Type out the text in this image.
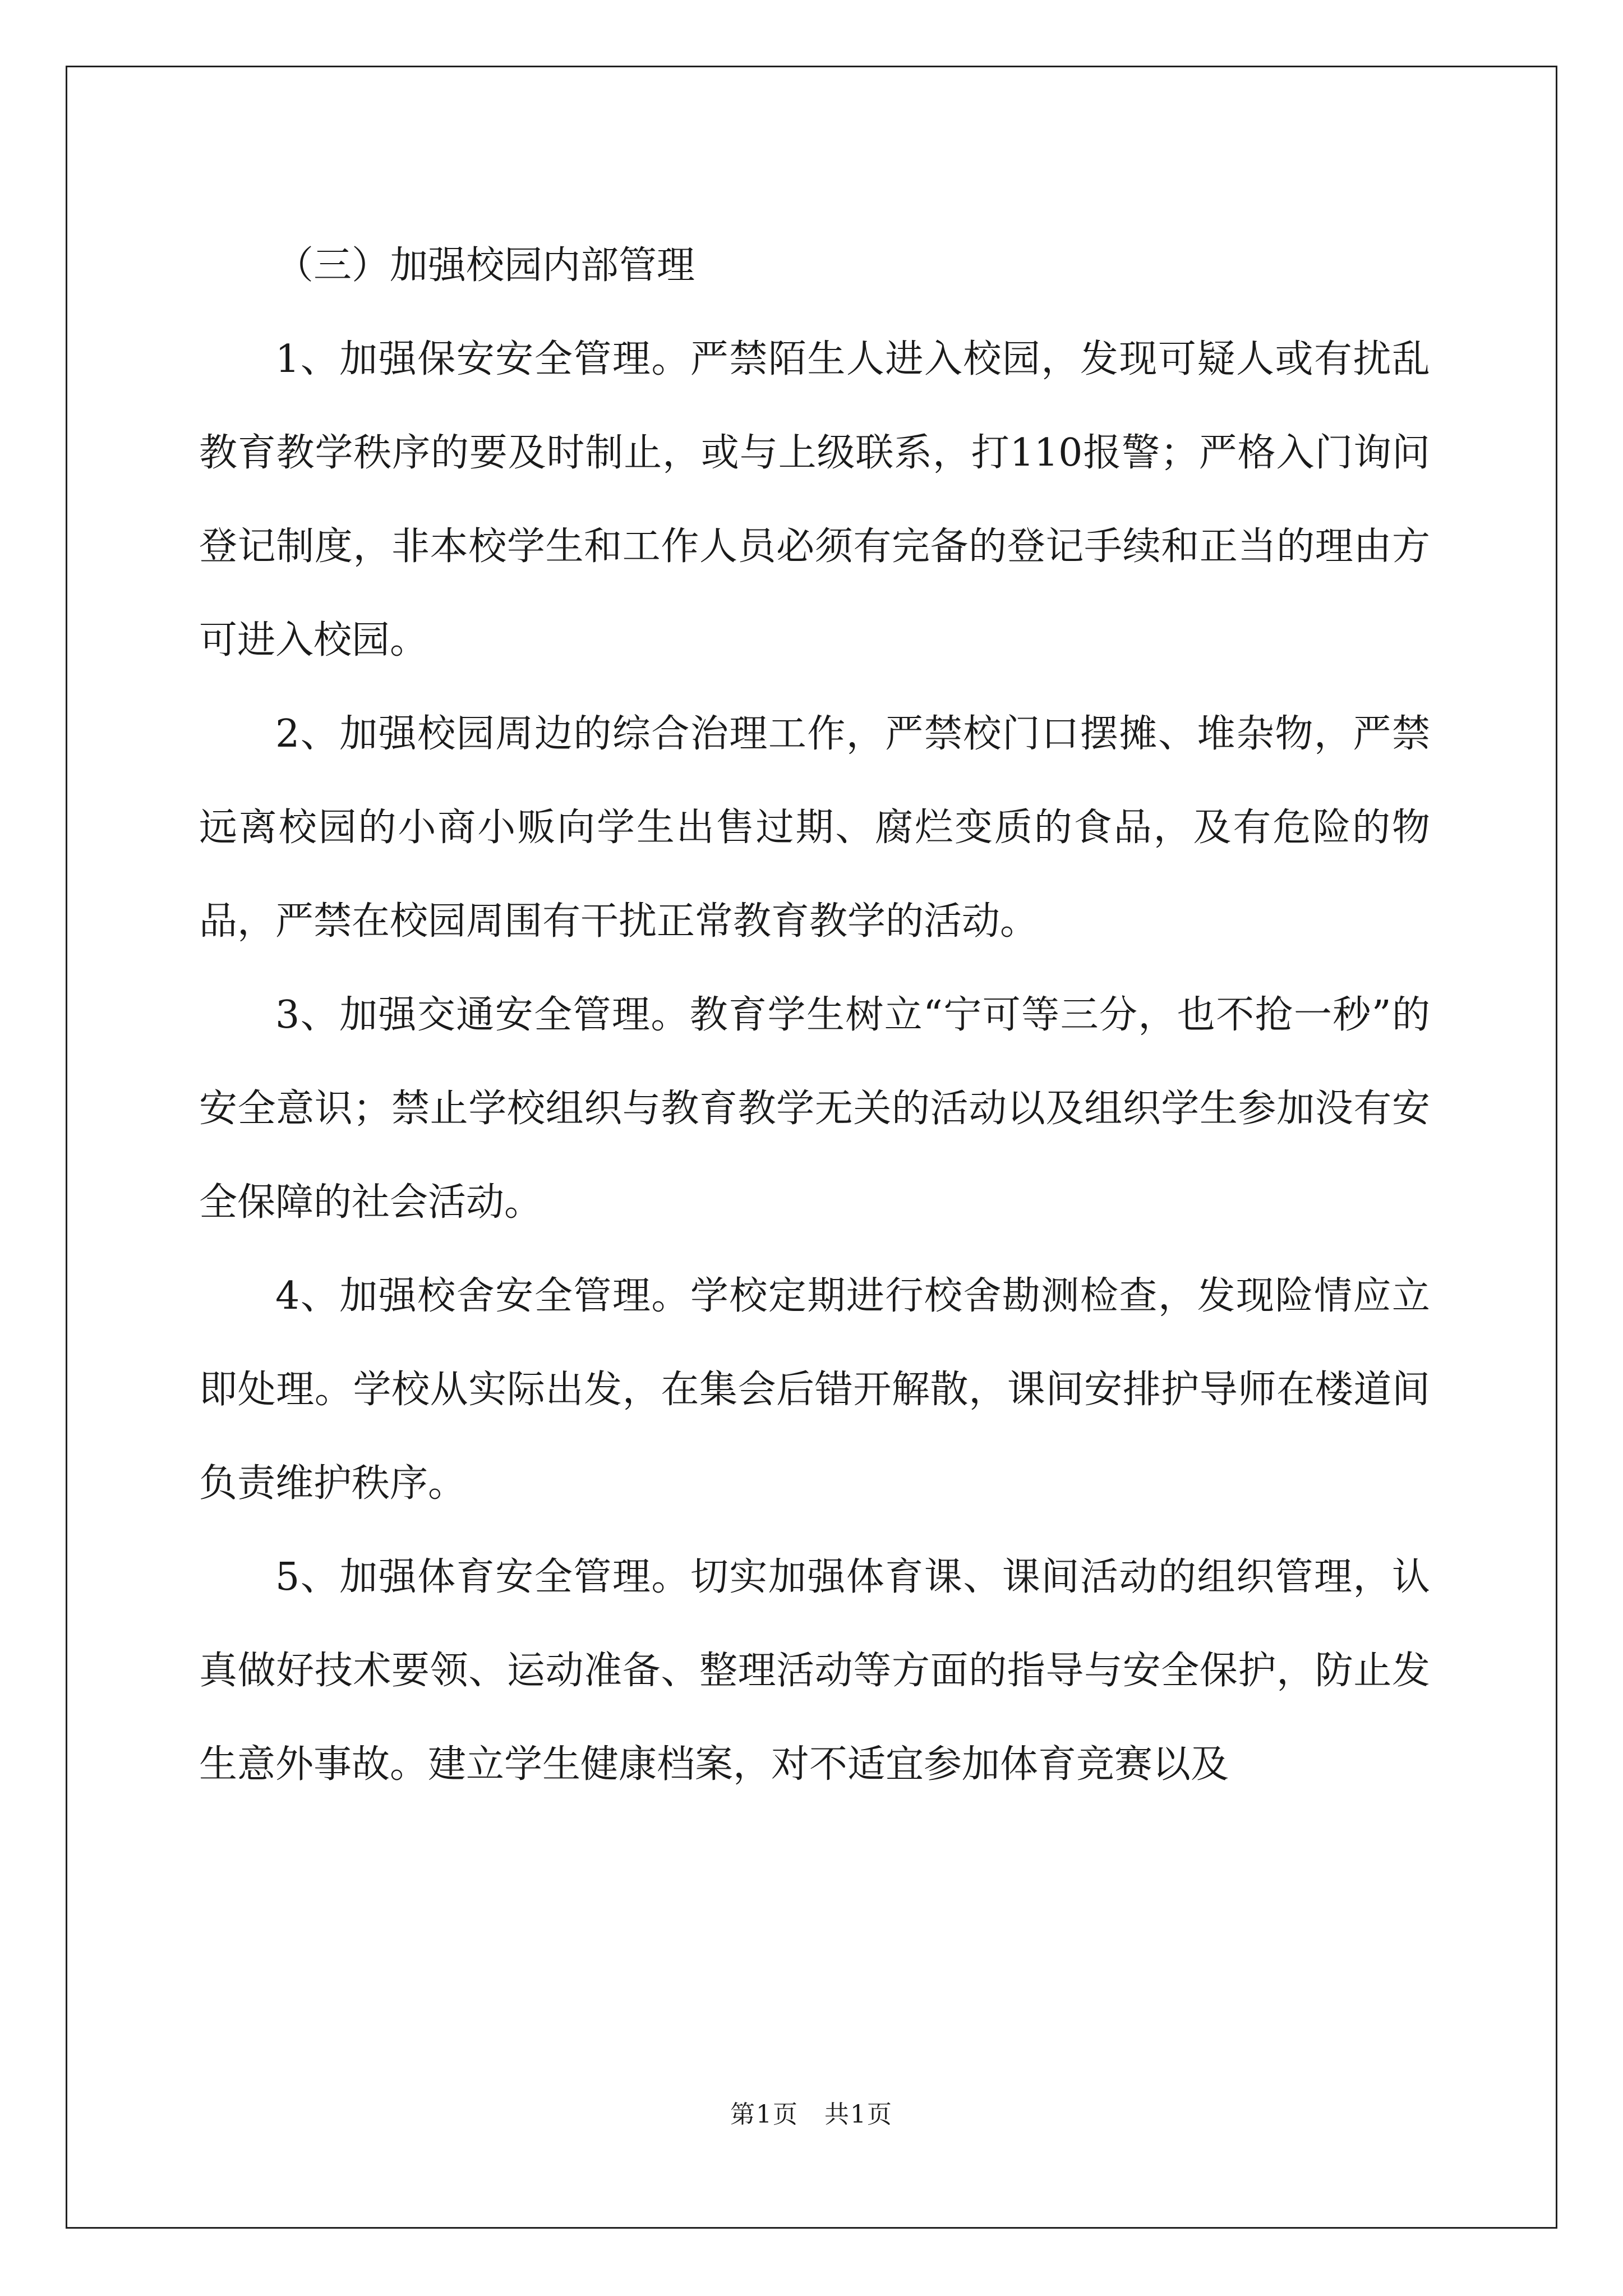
（三）加强校园内部管理

1、加强保安安全管理。严禁陌生人进入校园，发现可疑人或有扰乱教育教学秩序的要及时制止，或与上级联系，打110报警；严格入门询问登记制度，非本校学生和工作人员必须有完备的登记手续和正当的理由方可进入校园。

2、加强校园周边的综合治理工作，严禁校门口摆摊、堆杂物，严禁远离校园的小商小贩向学生出售过期、腐烂变质的食品，及有危险的物品，严禁在校园周围有干扰正常教育教学的活动。

3、加强交通安全管理。教育学生树立“宁可等三分，也不抢一秒”的安全意识；禁止学校组织与教育教学无关的活动以及组织学生参加没有安全保障的社会活动。

4、加强校舍安全管理。学校定期进行校舍勘测检查，发现险情应立即处理。学校从实际出发，在集会后错开解散，课间安排护导师在楼道间负责维护秩序。

5、加强体育安全管理。切实加强体育课、课间活动的组织管理，认真做好技术要领、运动准备、整理活动等方面的指导与安全保护，防止发生意外事故。建立学生健康档案，对不适宜参加体育竞赛以及

第1页　共1页
